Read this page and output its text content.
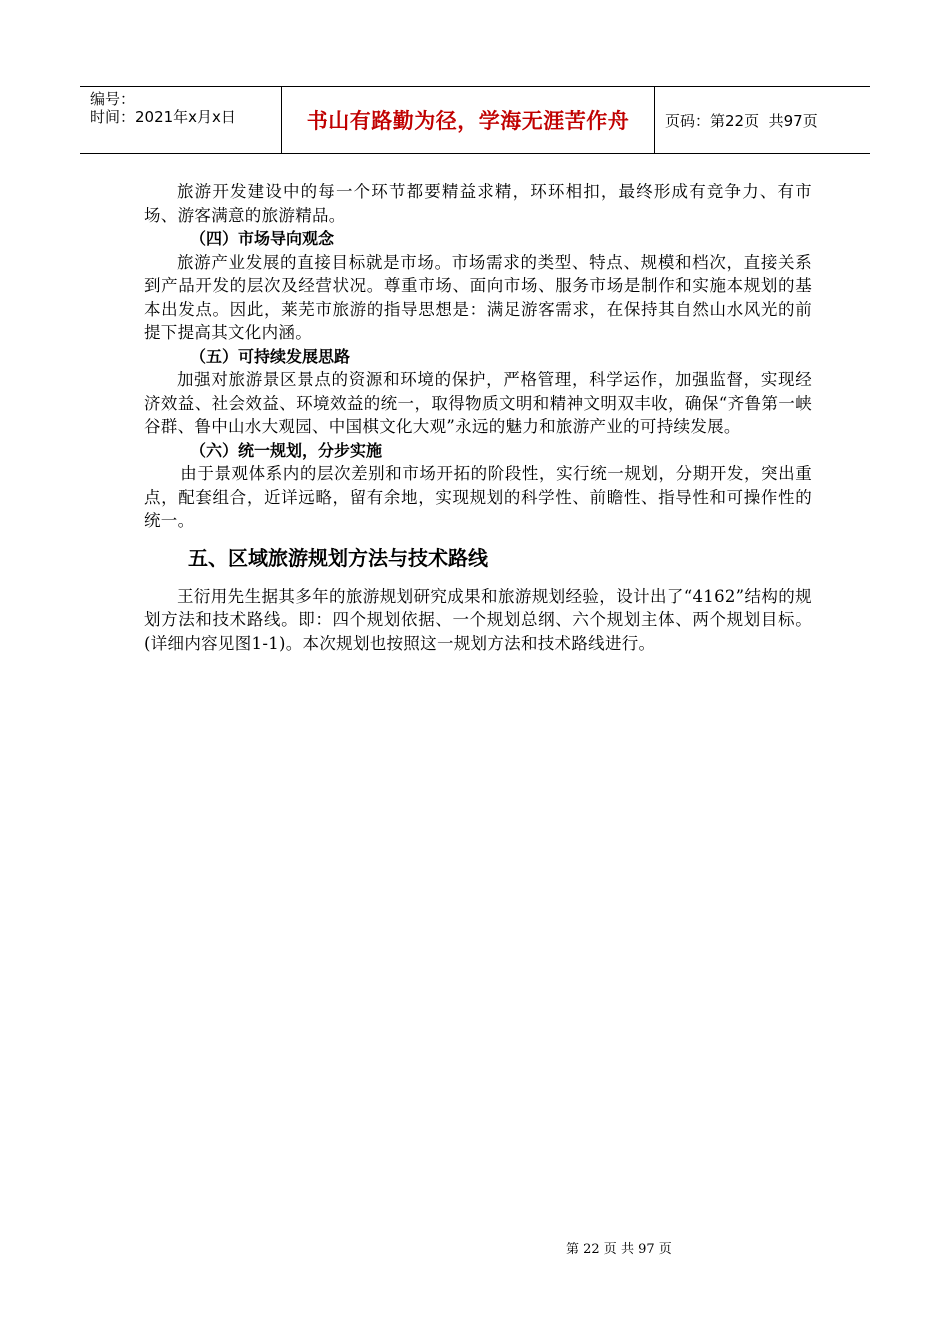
编号：
时间：2021年x月x日	书山有路勤为径，学海无涯苦作舟	页码：第22页  共97页

旅游开发建设中的每一个环节都要精益求精，环环相扣，最终形成有竞争力、有市场、游客满意的旅游精品。

（四）市场导向观念

旅游产业发展的直接目标就是市场。市场需求的类型、特点、规模和档次，直接关系到产品开发的层次及经营状况。尊重市场、面向市场、服务市场是制作和实施本规划的基本出发点。因此，莱芜市旅游的指导思想是：满足游客需求，在保持其自然山水风光的前提下提高其文化内涵。

（五）可持续发展思路

加强对旅游景区景点的资源和环境的保护，严格管理，科学运作，加强监督，实现经济效益、社会效益、环境效益的统一，取得物质文明和精神文明双丰收，确保“齐鲁第一峡谷群、鲁中山水大观园、中国棋文化大观”永远的魅力和旅游产业的可持续发展。

（六）统一规划，分步实施

由于景观体系内的层次差别和市场开拓的阶段性，实行统一规划，分期开发，突出重点，配套组合，近详远略，留有余地，实现规划的科学性、前瞻性、指导性和可操作性的统一。

五、区域旅游规划方法与技术路线

王衍用先生据其多年的旅游规划研究成果和旅游规划经验，设计出了“4162”结构的规划方法和技术路线。即：四个规划依据、一个规划总纲、六个规划主体、两个规划目标。(详细内容见图1-1)。本次规划也按照这一规划方法和技术路线进行。

第 22 页 共 97 页
